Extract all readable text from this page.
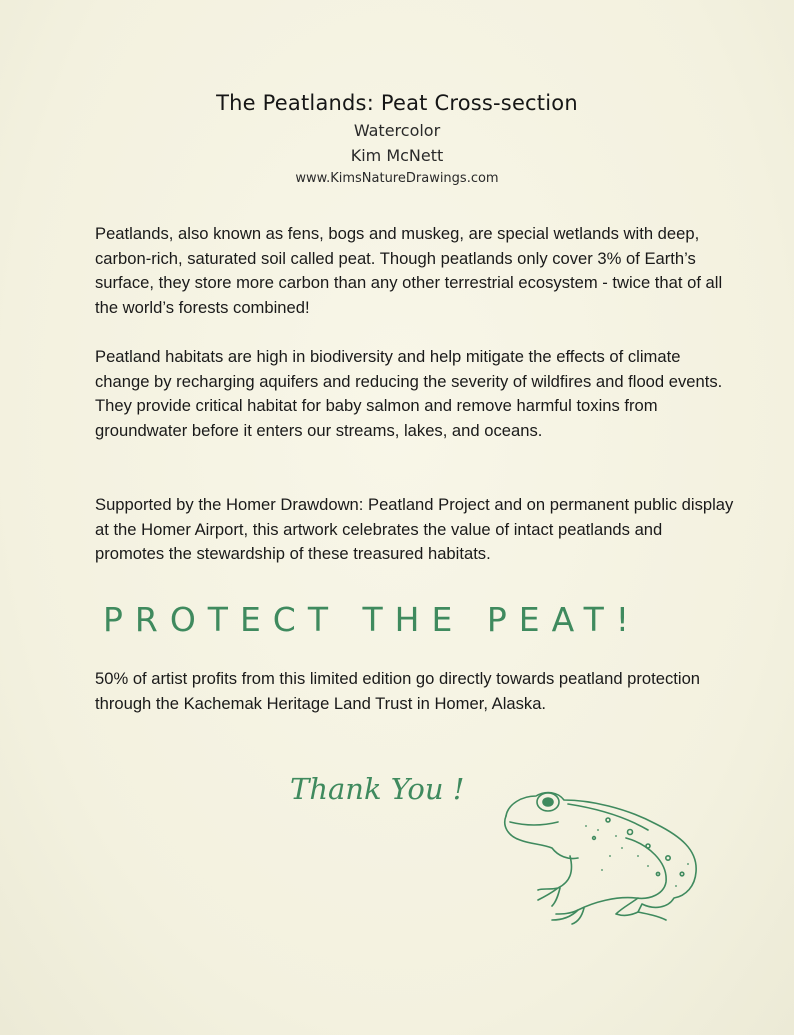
The Peatlands: Peat Cross-section

Watercolor

Kim McNett

www.KimsNatureDrawings.com

Peatlands, also known as fens, bogs and muskeg, are special wetlands with deep, carbon-rich, saturated soil called peat. Though peatlands only cover 3% of Earth’s surface, they store more carbon than any other terrestrial ecosystem - twice that of all the world’s forests combined!

Peatland habitats are high in biodiversity and help mitigate the effects of climate change by recharging aquifers and reducing the severity of wildfires and flood events. They provide critical habitat for baby salmon and remove harmful toxins from groundwater before it enters our streams, lakes, and oceans.

Supported by the Homer Drawdown: Peatland Project and on permanent public display at the Homer Airport, this artwork celebrates the value of intact peatlands and promotes the stewardship of these treasured habitats.

PROTECT THE PEAT!

50% of artist profits from this limited edition go directly towards peatland protection through the Kachemak Heritage Land Trust in Homer, Alaska.

Thank You !
